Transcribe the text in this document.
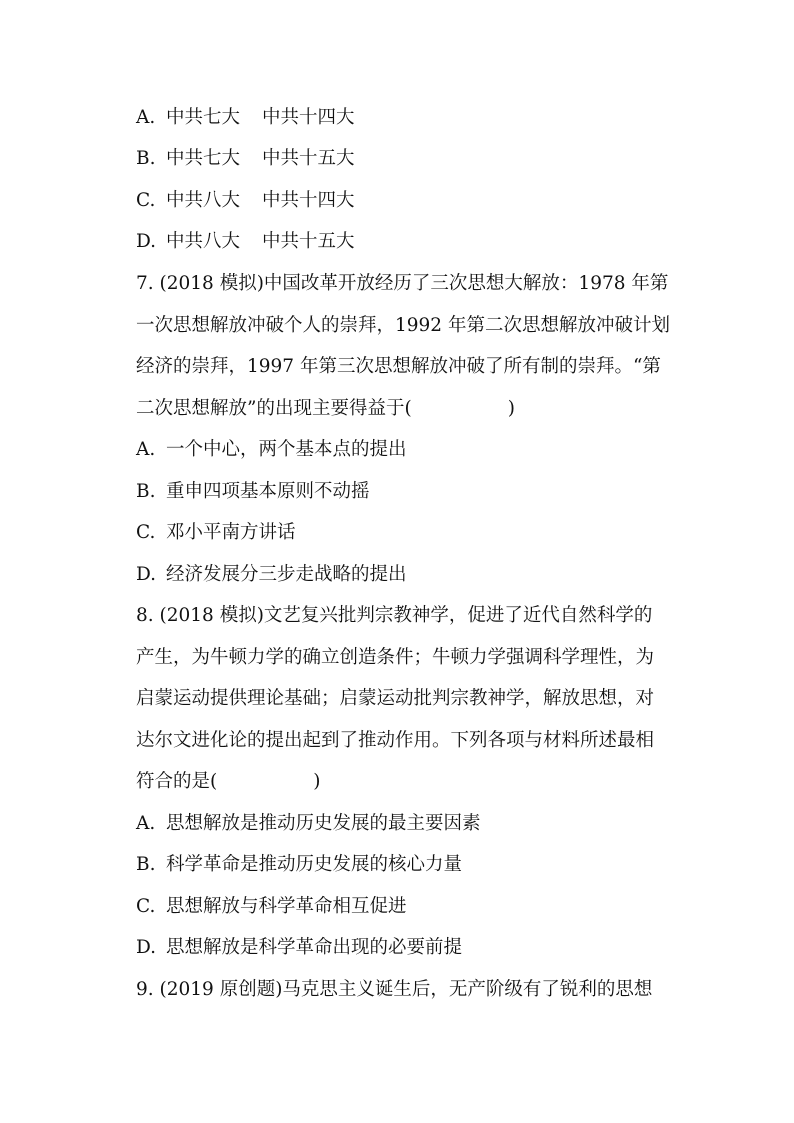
A. 中共七大 中共十四大
B. 中共七大 中共十五大
C. 中共八大 中共十四大
D. 中共八大 中共十五大
7. (2018 模拟)中国改革开放经历了三次思想大解放：1978 年第
一次思想解放冲破个人的崇拜，1992 年第二次思想解放冲破计划
经济的崇拜，1997 年第三次思想解放冲破了所有制的崇拜。“第
二次思想解放”的出现主要得益于(	)
A. 一个中心，两个基本点的提出
B. 重申四项基本原则不动摇
C. 邓小平南方讲话
D. 经济发展分三步走战略的提出
8. (2018 模拟)文艺复兴批判宗教神学，促进了近代自然科学的
产生，为牛顿力学的确立创造条件；牛顿力学强调科学理性，为
启蒙运动提供理论基础；启蒙运动批判宗教神学，解放思想，对
达尔文进化论的提出起到了推动作用。下列各项与材料所述最相
符合的是(	)
A. 思想解放是推动历史发展的最主要因素
B. 科学革命是推动历史发展的核心力量
C. 思想解放与科学革命相互促进
D. 思想解放是科学革命出现的必要前提
9. (2019 原创题)马克思主义诞生后，无产阶级有了锐利的思想
